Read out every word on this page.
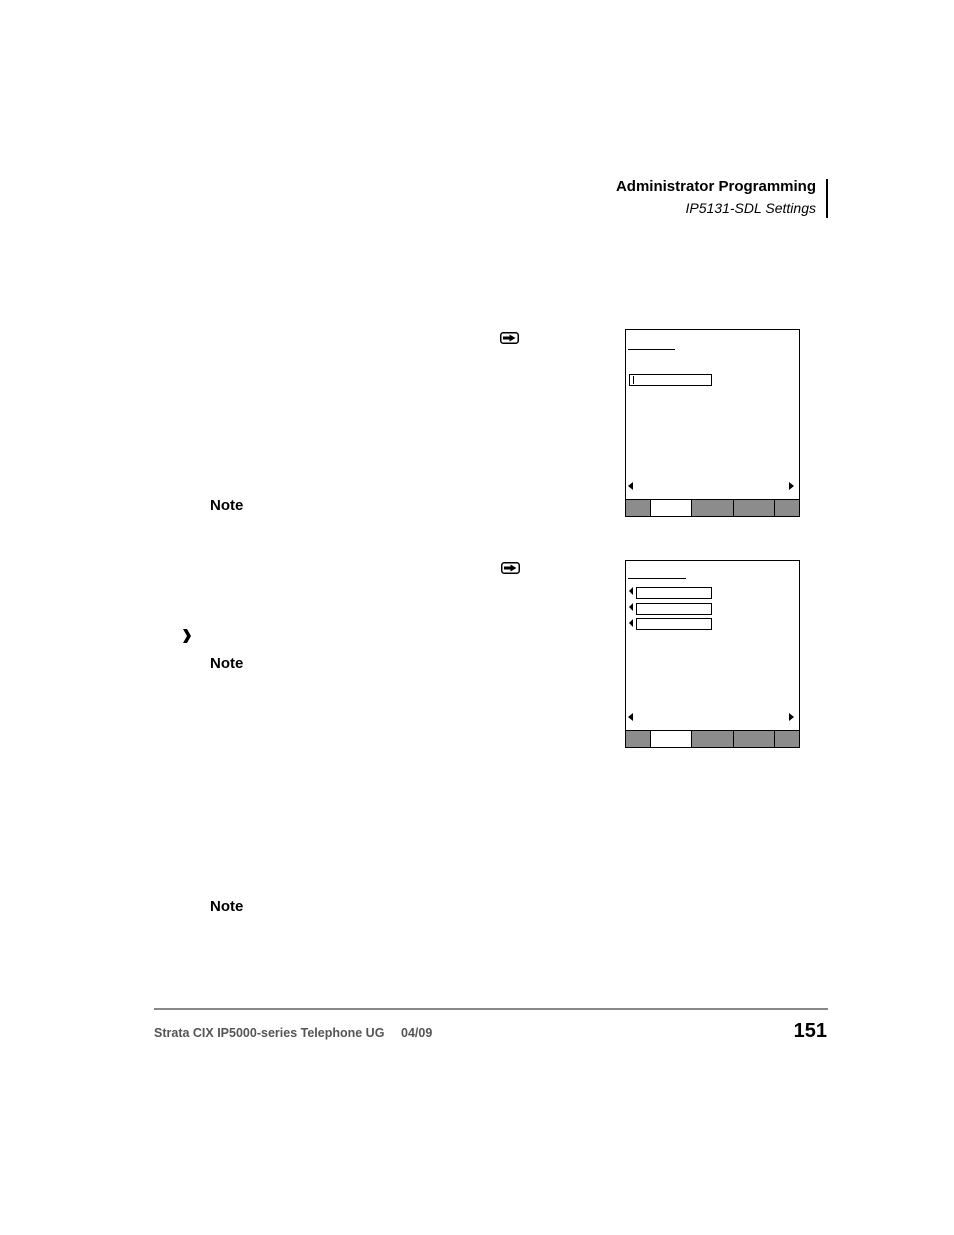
Administrator Programming
IP5131-SDL Settings
Note
Note
Note
Strata CIX IP5000-series Telephone UG 04/09	151
